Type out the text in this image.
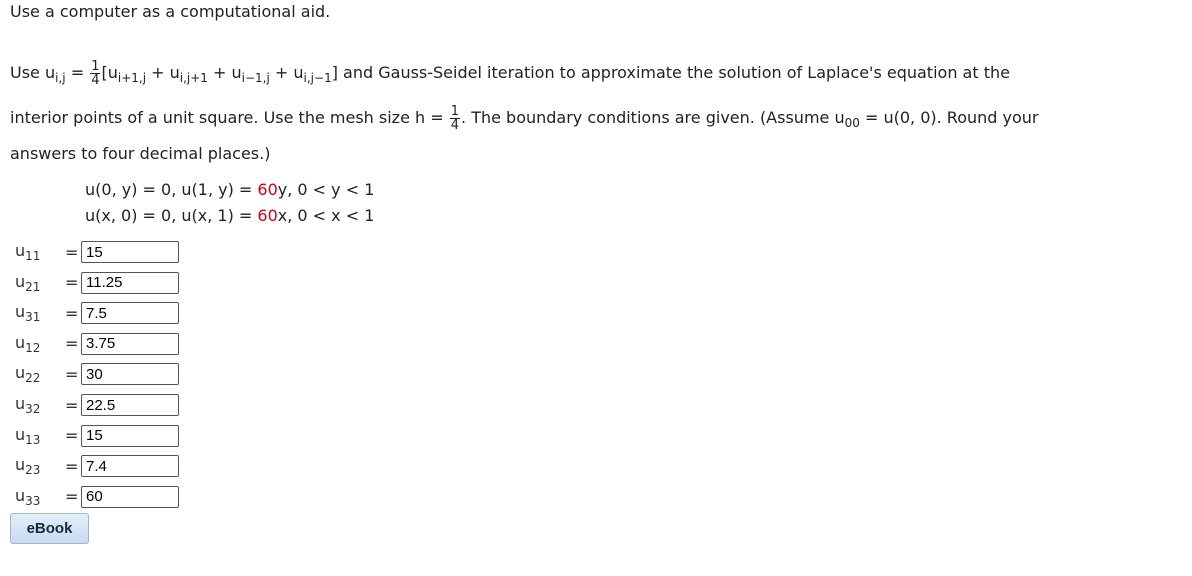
Use a computer as a computational aid.
Use $u_{i,j} = \frac{1}{4} [u_{i+1,j} + u_{i,j+1} + u_{i-1,j} + u_{i,j-1}]$ and Gauss-Seidel iteration to approximate the solution of Laplace's equation at the
interior points of a unit square. Use the mesh size $h = \frac{1}{4}$ . The boundary conditions are given. (Assume $u_{00} = u(0$, 0). Round your
answers to four decimal places.)
u(0, y) = 0, u(1, y) = 60y, 0 < y < 1
u(x, 0) = 0, u(x, 1) = 60x, 0 < x < 1
$u_{11}$	=
15
$u_{21}$	=
11.25
$u_{31}$	=
7.5
$u_{12}$	=
3.75
$u_{22}$	=
30
$u_{32}$	=
22.5
$u_{13}$	=
15
$u_{23}$	=
7.4
$u_{33}$	=
60
eBook
